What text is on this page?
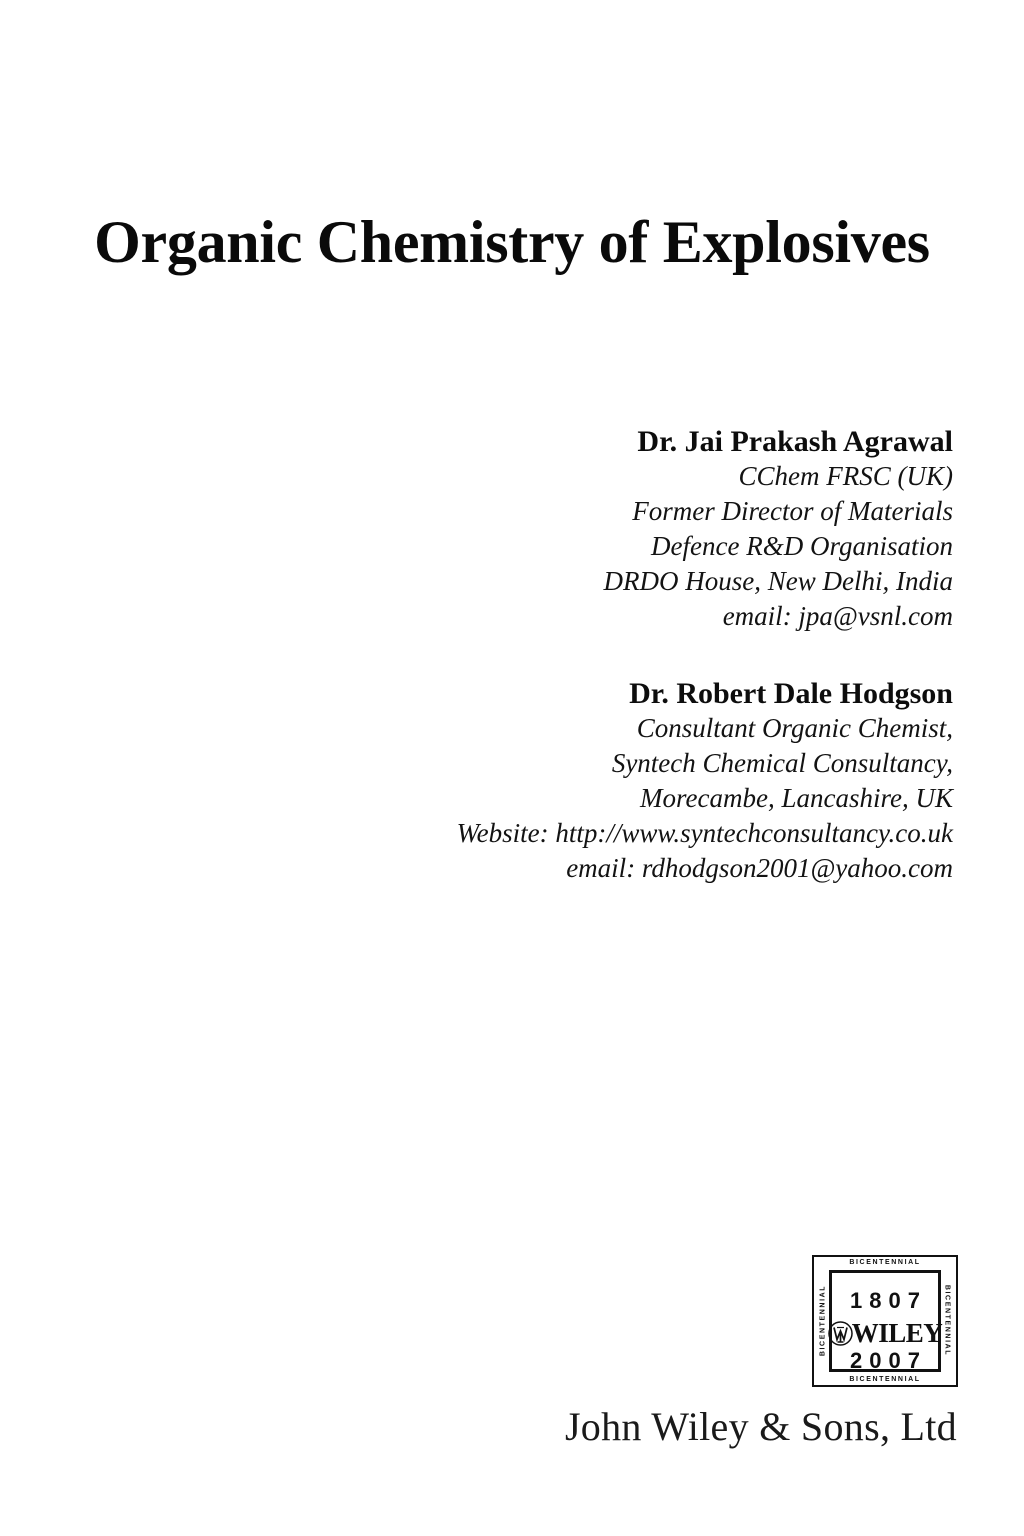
Organic Chemistry of Explosives
Dr. Jai Prakash Agrawal
CChem FRSC (UK)
Former Director of Materials
Defence R&D Organisation
DRDO House, New Delhi, India
email: jpa@vsnl.com
Dr. Robert Dale Hodgson
Consultant Organic Chemist,
Syntech Chemical Consultancy,
Morecambe, Lancashire, UK
Website: http://www.syntechconsultancy.co.uk
email: rdhodgson2001@yahoo.com
BICENTENNIAL
BICENTENNIAL
BICENTENNIAL	BICENTENNIAL
1807
WILEY
2007
John Wiley & Sons, Ltd
